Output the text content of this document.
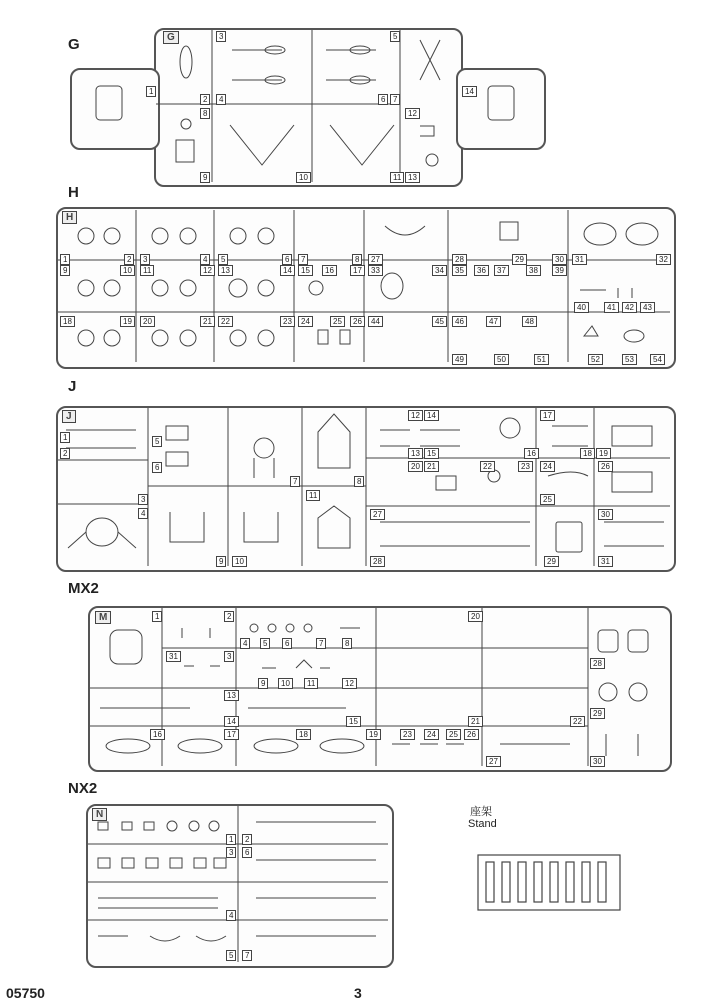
G	G
1
2
3
4
5
6 7
8
9	10	11
12
13
14
H
H
1	2	3	4	5	6	7	8
9	10	11	12	13	14	15	16	17
18	19	20	21	22	23	24	25	26
27	28	29	30	31	32
33	34	35	36	37	38	39
40	41	42	43
44	45	46	47	48
49	50	51	52	53	54
J
J
1
2
3
4
5
6
7	8
9	10
11
12
13
14
15	16
17
18 19
20 21	22	23	24
25
26
27
28	29
30
31
MX2
M	1	2
3
4	5	6	7	8
9	10	11	12
13
14	15
16	17	18	19
20
21	22
23	24	25	26
27
28
29
30
31
NX2
N
1	2
3
4
5
6
7
座架
Stand
05750	3
